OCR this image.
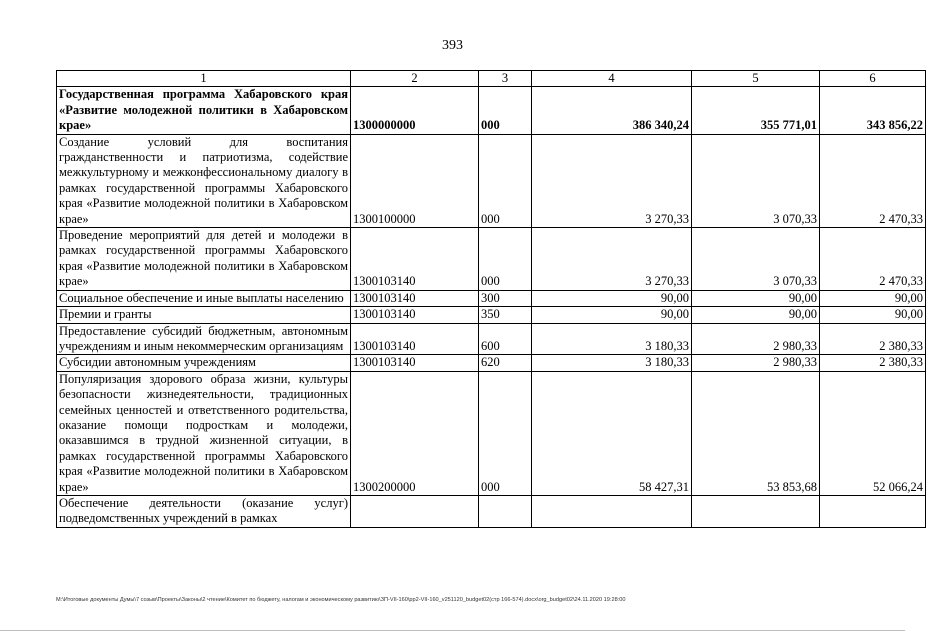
393
1	2	3	4	5	6
Государственная программа Хабаровского края «Развитие молодежной политики в Хабаровском крае»	1300000000	000	386 340,24	355 771,01	343 856,22
Создание условий для воспитания гражданственности и патриотизма, содействие межкультурному и межконфессиональному диалогу в рамках государственной программы Хабаровского края «Развитие молодежной политики в Хабаровском крае»	1300100000	000	3 270,33	3 070,33	2 470,33
Проведение мероприятий для детей и молодежи в рамках государственной программы Хабаровского края «Развитие молодежной политики в Хабаровском крае»	1300103140	000	3 270,33	3 070,33	2 470,33
Социальное обеспечение и иные выплаты населению	1300103140	300	90,00	90,00	90,00
Премии и гранты	1300103140	350	90,00	90,00	90,00
Предоставление субсидий бюджетным, автономным учреждениям и иным некоммерческим организациям	1300103140	600	3 180,33	2 980,33	2 380,33
Субсидии автономным учреждениям	1300103140	620	3 180,33	2 980,33	2 380,33
Популяризация здорового образа жизни, культуры безопасности жизнедеятельности, традиционных семейных ценностей и ответственного родительства, оказание помощи подросткам и молодежи, оказавшимся в трудной жизненной ситуации, в рамках государственной программы Хабаровского края «Развитие молодежной политики в Хабаровском крае»	1300200000	000	58 427,31	53 853,68	52 066,24
Обеспечение деятельности (оказание услуг) подведомственных учреждений в рамках					
M:\Итоговые документы Думы\7 созыв\Проекты\Законы\2 чтение\Комитет по бюджету, налогам и экономическому развитию\ЗП-VII-160\pp2-VII-160_v251120_budget02(стр 166-574).docx\org_budget02\24.11.2020 19:28:00
